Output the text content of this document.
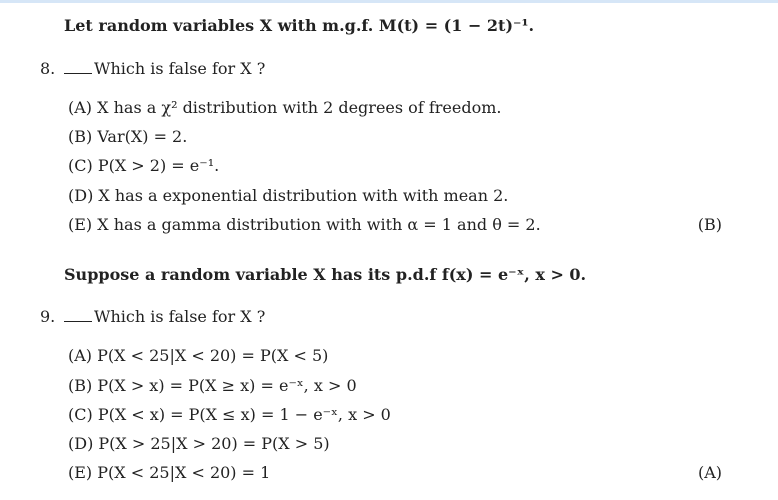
Let random variables X with m.g.f. M(t) = (1 − 2t)⁻¹.
8.	Which is false for X ?
(A) X has a χ² distribution with 2 degrees of freedom.
(B) Var(X) = 2.
(C) P(X > 2) = e⁻¹.
(D) X has a exponential distribution with with mean 2.
(E) X has a gamma distribution with with α = 1 and θ = 2.	(B)
Suppose a random variable X has its p.d.f f(x) = e⁻ˣ, x > 0.
9.	Which is false for X ?
(A) P(X < 25|X < 20) = P(X < 5)
(B) P(X > x) = P(X ≥ x) = e⁻ˣ, x > 0
(C) P(X < x) = P(X ≤ x) = 1 − e⁻ˣ, x > 0
(D) P(X > 25|X > 20) = P(X > 5)
(E) P(X < 25|X < 20) = 1	(A)
